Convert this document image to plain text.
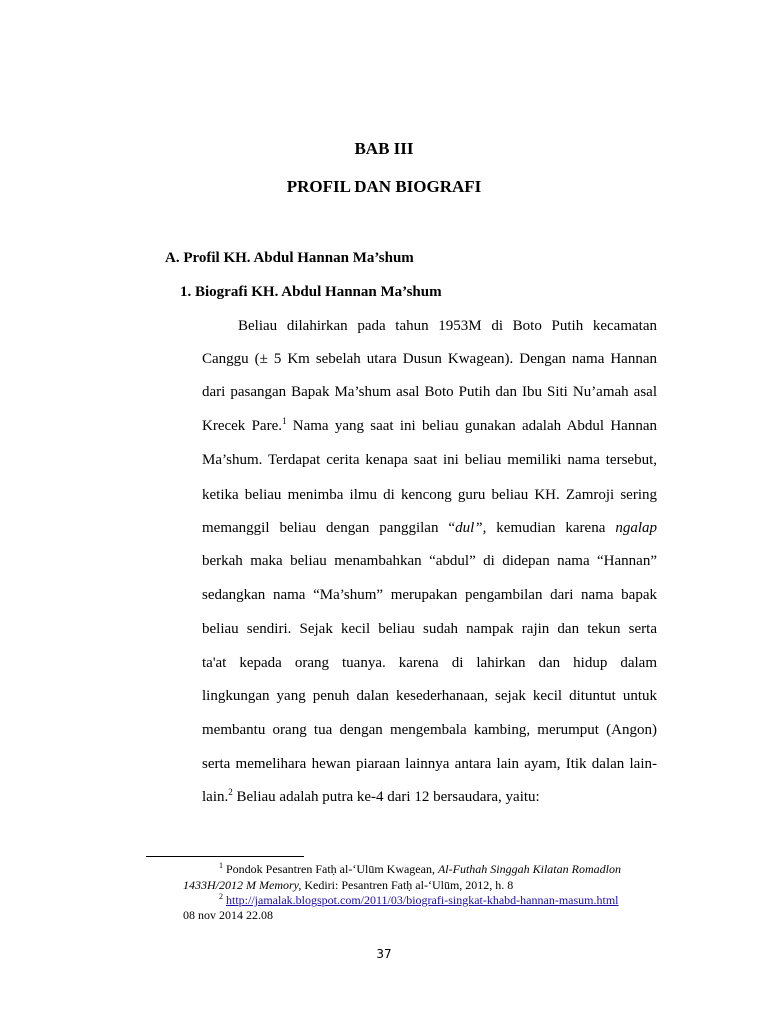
BAB III
PROFIL DAN BIOGRAFI
A. Profil KH. Abdul Hannan Ma’shum
1. Biografi KH. Abdul Hannan Ma’shum
Beliau dilahirkan pada tahun 1953M di Boto Putih kecamatan
Canggu (± 5 Km sebelah utara Dusun Kwagean). Dengan nama Hannan
dari pasangan Bapak Ma’shum asal Boto Putih dan Ibu Siti Nu’amah asal
Krecek Pare.$^1$ Nama yang saat ini beliau gunakan adalah Abdul Hannan
Ma’shum. Terdapat cerita kenapa saat ini beliau memiliki nama tersebut,
ketika beliau menimba ilmu di kencong guru beliau KH. Zamroji sering
memanggil beliau dengan panggilan “dul”, kemudian karena ngalap
berkah maka beliau menambahkan “abdul” di didepan nama “Hannan”
sedangkan nama “Ma’shum” merupakan pengambilan dari nama bapak
beliau sendiri. Sejak kecil beliau sudah nampak rajin dan tekun serta
ta'at kepada orang tuanya. karena di lahirkan dan hidup dalam
lingkungan yang penuh dalan kesederhanaan, sejak kecil dituntut untuk
membantu orang tua dengan mengembala kambing, merumput (Angon)
serta memelihara hewan piaraan lainnya antara lain ayam, Itik dalan lain-
lain.$^2$ Beliau adalah putra ke-4 dari 12 bersaudara, yaitu:
$^1$ Pondok Pesantren Fatḥ al-‘Ulūm Kwagean, Al-Futhah Singgah Kilatan Romadlon
1433H/2012 M Memory, Kediri: Pesantren Fatḥ al-‘Ulūm, 2012, h. 8
$^2$ http://jamalak.blogspot.com/2011/03/biografi-singkat-khabd-hannan-masum.html
08 nov 2014 22.08
37
